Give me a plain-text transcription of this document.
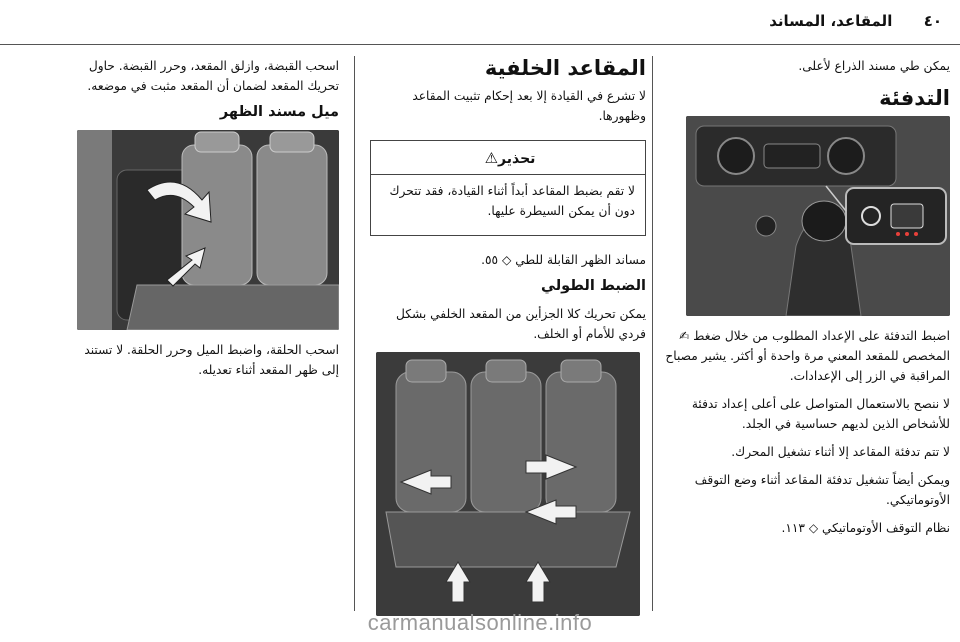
٤٠      المقاعد، المساند

يمكن طي مسند الذراع لأعلى.

التدفئة

اضبط التدفئة على الإعداد المطلوب من خلال ضغط ✍ المخصص للمقعد المعني مرة واحدة أو أكثر. يشير مصباح المراقبة في الزر إلى الإعدادات.

لا ننصح بالاستعمال المتواصل على أعلى إعداد تدفئة للأشخاص الذين لديهم حساسية في الجلد.

لا تتم تدفئة المقاعد إلا أثناء تشغيل المحرك.

ويمكن أيضاً تشغيل تدفئة المقاعد أثناء وضع التوقف الأوتوماتيكي.

نظام التوقف الأوتوماتيكي ◇ ١١٣.

المقاعد الخلفية

لا تشرع في القيادة إلا بعد إحكام تثبيت المقاعد وظهورها.

تحذير⚠

لا تقم بضبط المقاعد أبداً أثناء القيادة، فقد تتحرك دون أن يمكن السيطرة عليها.

مساند الظهر القابلة للطي ◇ ٥٥.

الضبط الطولي

يمكن تحريك كلا الجزأين من المقعد الخلفي بشكل فردي للأمام أو الخلف.

اسحب القبضة، وازلق المقعد، وحرر القبضة. حاول تحريك المقعد لضمان أن المقعد مثبت في موضعه.

ميل مسند الظهر

اسحب الحلقة، واضبط الميل وحرر الحلقة. لا تستند إلى ظهر المقعد أثناء تعديله.

carmanualsonline.info
